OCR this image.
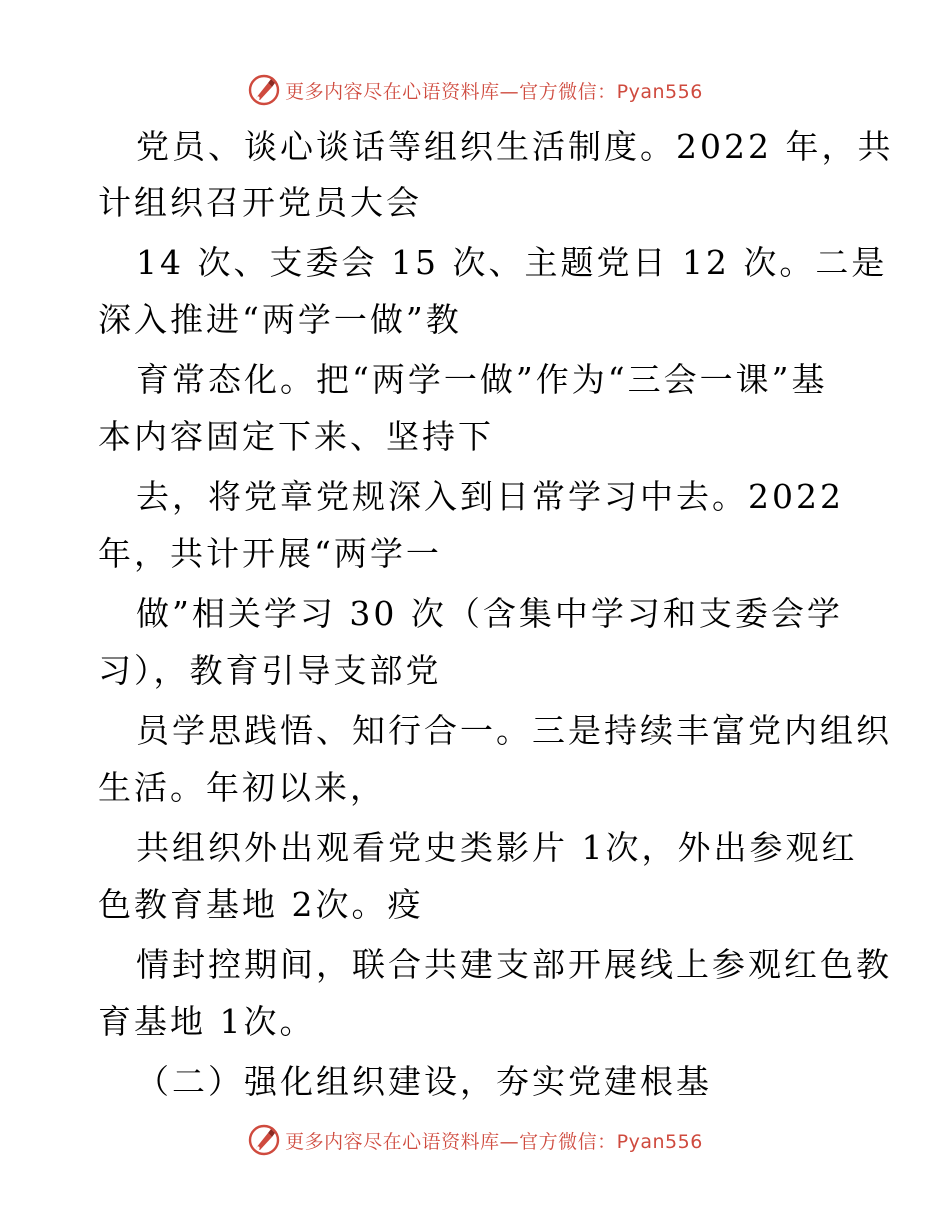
更多内容尽在心语资料库—官方微信：Pyan556
党员、谈心谈话等组织生活制度。2022 年，共
计组织召开党员大会
14 次、支委会 15 次、主题党日 12 次。二是
深入推进“两学一做”教
育常态化。把“两学一做”作为“三会一课”基
本内容固定下来、坚持下
去，将党章党规深入到日常学习中去。2022
年，共计开展“两学一
做”相关学习 30 次（含集中学习和支委会学
习），教育引导支部党
员学思践悟、知行合一。三是持续丰富党内组织
生活。年初以来，
共组织外出观看党史类影片 1次，外出参观红
色教育基地 2次。疫
情封控期间，联合共建支部开展线上参观红色教
育基地 1次。
（二）强化组织建设，夯实党建根基
更多内容尽在心语资料库—官方微信：Pyan556
